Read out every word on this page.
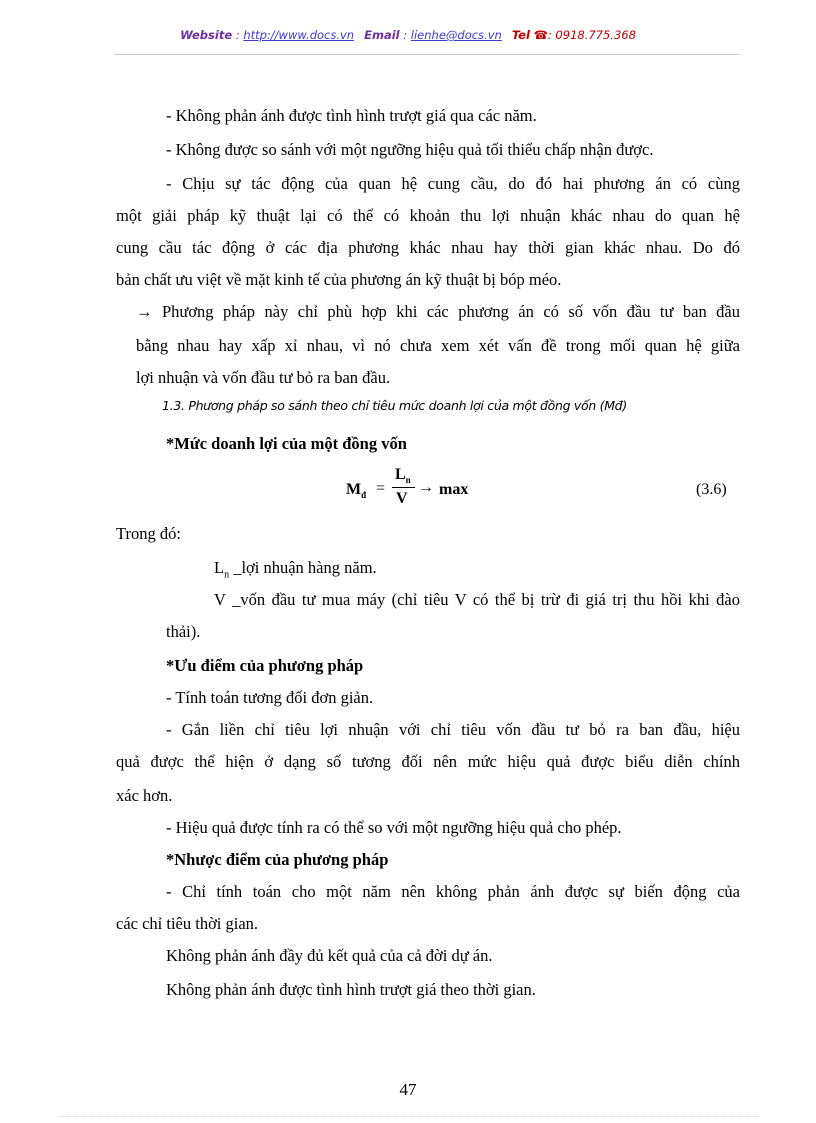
Website : http://www.docs.vn Email : lienhe@docs.vn Tel ☎: 0918.775.368
- Không phản ánh được tình hình trượt giá qua các năm.
- Không được so sánh với một ngưỡng hiệu quả tối thiểu chấp nhận được.
- Chịu sự tác động của quan hệ cung cầu, do đó hai phương án có cùng
một giải pháp kỹ thuật lại có thể có khoản thu lợi nhuận khác nhau do quan hệ
cung cầu tác động ở các địa phương khác nhau hay thời gian khác nhau. Do đó
bản chất ưu việt về mặt kinh tế của phương án kỹ thuật bị bóp méo.
→ Phương pháp này chỉ phù hợp khi các phương án có số vốn đầu tư ban đầu
bằng nhau hay xấp xỉ nhau, vì nó chưa xem xét vấn đề trong mối quan hệ giữa
lợi nhuận và vốn đầu tư bỏ ra ban đầu.
1.3. Phương pháp so sánh theo chỉ tiêu mức doanh lợi của một đồng vốn (Mđ)
*Mức doanh lợi của một đồng vốn
$M_đ$ =
$L_n$
V
→ max	(3.6)
Trong đó:
$L_n$ _lợi nhuận hàng năm.
V _vốn đầu tư mua máy (chỉ tiêu V có thể bị trừ đi giá trị thu hồi khi đào
thải).
*Ưu điểm của phương pháp
- Tính toán tương đối đơn giản.
- Gắn liền chỉ tiêu lợi nhuận với chỉ tiêu vốn đầu tư bỏ ra ban đầu, hiệu
quả được thể hiện ở dạng số tương đối nên mức hiệu quả được biểu diễn chính
xác hơn.
- Hiệu quả được tính ra có thể so với một ngưỡng hiệu quả cho phép.
*Nhược điểm của phương pháp
- Chỉ tính toán cho một năm nên không phản ánh được sự biến động của
các chỉ tiêu thời gian.
Không phản ánh đầy đủ kết quả của cả đời dự án.
Không phản ánh được tình hình trượt giá theo thời gian.
47
